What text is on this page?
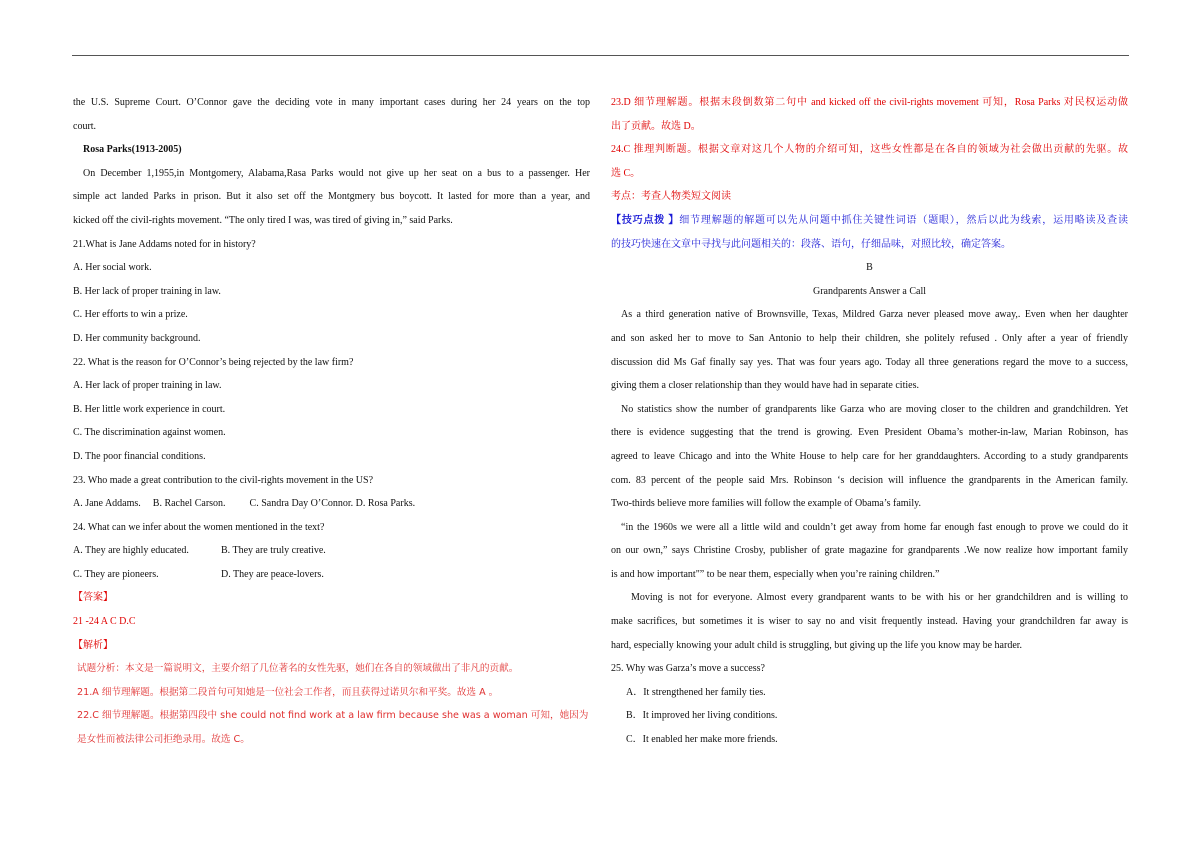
the U.S. Supreme Court. O’Connor gave the deciding vote in many important cases during her 24 years on the top

court.

Rosa Parks(1913-2005)

On December 1,1955,in Montgomery, Alabama,Rasa Parks would not give up her seat on a bus to a passenger. Her

simple act landed Parks in prison. But it also set off the Montgmery bus boycott. It lasted for more than a year, and

kicked off the civil-rights movement. “The only tired I was, was tired of giving in,” said Parks.

21.What is Jane Addams noted for in history?

A. Her social work.

B. Her lack of proper training in law.

C. Her efforts to win a prize.

D. Her community background.

22. What is the reason for O’Connor’s being rejected by the law firm?

A. Her lack of proper training in law.

B. Her little work experience in court.

C. The discrimination against women.

D. The poor financial conditions.

23. Who made a great contribution to the civil-rights movement in the US?

A. Jane Addams. B. Rachel Carson. C. Sandra Day O’Connor. D. Rosa Parks.

24. What can we infer about the women mentioned in the text?

A. They are highly educated.	B. They are truly creative.

C. They are pioneers.	D. They are peace-lovers.

【答案】

21 -24 A C D.C

【解析】

试题分析：本文是一篇说明文，主要介绍了几位著名的女性先驱，她们在各自的领域做出了非凡的贡献。

21.A 细节理解题。根据第二段首句可知她是一位社会工作者，而且获得过诺贝尔和平奖。故选 A 。

22.C 细节理解题。根据第四段中 she could not find work at a law firm because she was a woman 可知，她因为

是女性而被法律公司拒绝录用。故选 C。

23.D 细节理解题。根据末段倒数第二句中 and kicked off the civil-rights movement 可知，Rosa Parks 对民权运动做

出了贡献。故选 D。

24.C 推理判断题。根据文章对这几个人物的介绍可知，这些女性都是在各自的领域为社会做出贡献的先驱。故

选 C。

考点：考查人物类短文阅读

【技巧点拨 】细节理解题的解题可以先从问题中抓住关键性词语（题眼），然后以此为线索，运用略读及查读

的技巧快速在文章中寻找与此问题相关的：段落、语句，仔细品味，对照比较，确定答案。

B

Grandparents Answer a Call

As a third generation native of Brownsville, Texas, Mildred Garza never pleased move away,. Even when her daughter

and son asked her to move to San Antonio to help their children, she politely refused . Only after a year of friendly

discussion did Ms Gaf finally say yes. That was four years ago. Today all three generations regard the move to a success,

giving them a closer relationship than they would have had in separate cities.

No statistics show the number of grandparents like Garza who are moving closer to the children and grandchildren. Yet

there is evidence suggesting that the trend is growing. Even President Obama’s mother-in-law, Marian Robinson, has

agreed to leave Chicago and into the White House to help care for her granddaughters. According to a study grandparents

com. 83 percent of the people said Mrs. Robinson ‘s decision will influence the grandparents in the American family.

Two-thirds believe more families will follow the example of Obama’s family.

“in the 1960s we were all a little wild and couldn’t get away from home far enough fast enough to prove we could do it

on our own,” says Christine Crosby, publisher of grate magazine for grandparents .We now realize how important family

is and how important"” to be near them, especially when you’re raining children.”

Moving is not for everyone. Almost every grandparent wants to be with his or her grandchildren and is willing to

make sacrifices, but sometimes it is wiser to say no and visit frequently instead. Having your grandchildren far away is

hard, especially knowing your adult child is struggling, but giving up the life you know may be harder.

25. Why was Garza’s move a success?

A．It strengthened her family ties.

B．It improved her living conditions.

C．It enabled her make more friends.
